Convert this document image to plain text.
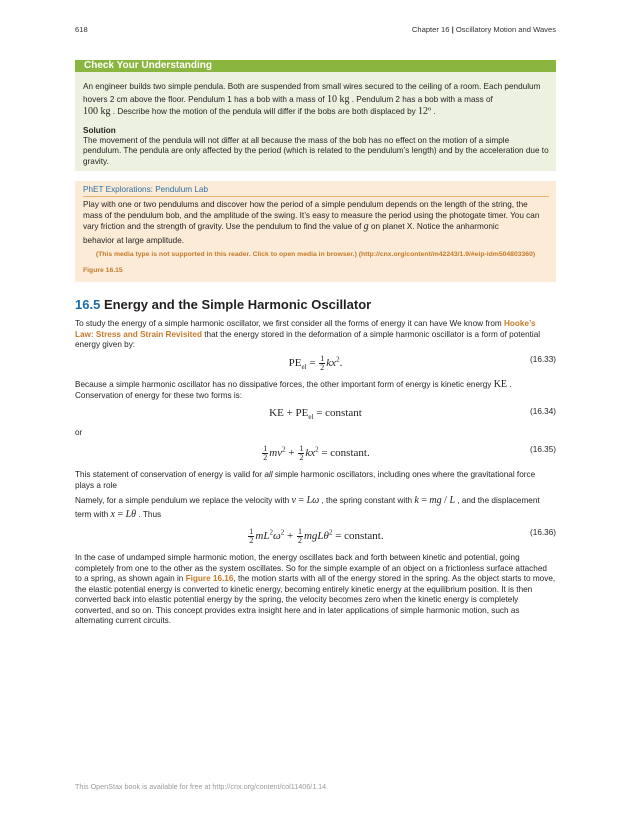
618	Chapter 16 | Oscillatory Motion and Waves
Check Your Understanding

An engineer builds two simple pendula. Both are suspended from small wires secured to the ceiling of a room. Each pendulum hovers 2 cm above the floor. Pendulum 1 has a bob with a mass of 10 kg . Pendulum 2 has a bob with a mass of
100 kg . Describe how the motion of the pendula will differ if the bobs are both displaced by 12º .

Solution

The movement of the pendula will not differ at all because the mass of the bob has no effect on the motion of a simple pendulum. The pendula are only affected by the period (which is related to the pendulum’s length) and by the acceleration due to gravity.

PhET Explorations: Pendulum Lab

Play with one or two pendulums and discover how the period of a simple pendulum depends on the length of the string, the mass of the pendulum bob, and the amplitude of the swing. It’s easy to measure the period using the photogate timer. You can vary friction and the strength of gravity. Use the pendulum to find the value of g on planet X. Notice the anharmonic
behavior at large amplitude.

(This media type is not supported in this reader. Click to open media in browser.) (http://cnx.org/content/m42243/1.9/#eip-idm504803360)
Figure 16.15
16.5 Energy and the Simple Harmonic Oscillator

To study the energy of a simple harmonic oscillator, we first consider all the forms of energy it can have We know from Hooke’s Law: Stress and Strain Revisited that the energy stored in the deformation of a simple harmonic oscillator is a form of potential energy given by:

$PE_{el} = \frac{1}{2} kx^2$.	(16.33)

Because a simple harmonic oscillator has no dissipative forces, the other important form of energy is kinetic energy KE . Conservation of energy for these two forms is:

KE + $PE_{el}$ = constant	(16.34)

or

$\frac{1}{2} mv^2 + \frac{1}{2} kx^2$ = constant.	(16.35)

This statement of conservation of energy is valid for all simple harmonic oscillators, including ones where the gravitational force plays a role

Namely, for a simple pendulum we replace the velocity with v = Lω , the spring constant with k = mg / L , and the displacement term with x = Lθ . Thus

$\frac{1}{2} mL^2\omega^2 + \frac{1}{2} mgL\theta^2$ = constant.	(16.36)

In the case of undamped simple harmonic motion, the energy oscillates back and forth between kinetic and potential, going completely from one to the other as the system oscillates. So for the simple example of an object on a frictionless surface attached to a spring, as shown again in Figure 16.16, the motion starts with all of the energy stored in the spring. As the object starts to move, the elastic potential energy is converted to kinetic energy, becoming entirely kinetic energy at the equilibrium position. It is then converted back into elastic potential energy by the spring, the velocity becomes zero when the kinetic energy is completely converted, and so on. This concept provides extra insight here and in later applications of simple harmonic motion, such as alternating current circuits.

This OpenStax book is available for free at http://cnx.org/content/col11406/1.14
